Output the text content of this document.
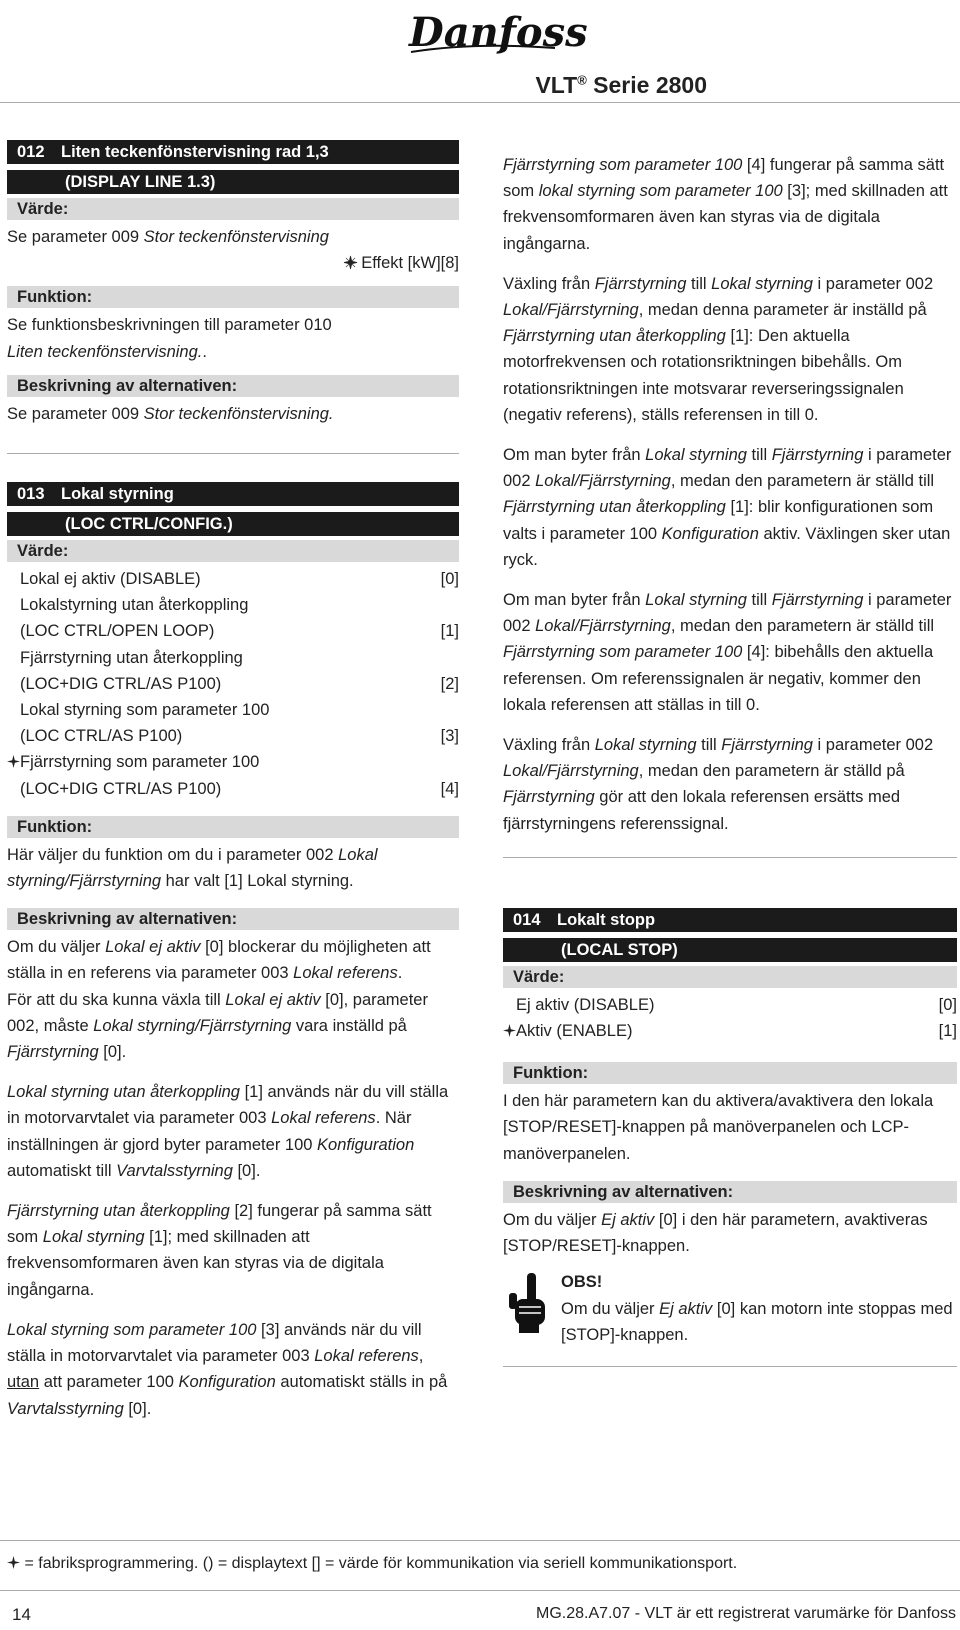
Danfoss
VLT® Serie 2800
012 Liten teckenfönstervisning rad 1,3
(DISPLAY LINE 1.3)
Värde:

Se parameter 009 Stor teckenfönstervisning

Effekt [kW][8]

Funktion:

Se funktionsbeskrivningen till parameter 010
Liten teckenfönstervisning..

Beskrivning av alternativen:

Se parameter 009 Stor teckenfönstervisning.

013 Lokal styrning
(LOC CTRL/CONFIG.)
Värde:
Lokal ej aktiv (DISABLE)	[0]
Lokalstyrning utan återkoppling
(LOC CTRL/OPEN LOOP)	[1]
Fjärrstyrning utan återkoppling
(LOC+DIG CTRL/AS P100)	[2]
Lokal styrning som parameter 100
(LOC CTRL/AS P100)	[3]
Fjärrstyrning som parameter 100
(LOC+DIG CTRL/AS P100)	[4]
Funktion:

Här väljer du funktion om du i parameter 002 Lokal styrning/Fjärrstyrning har valt [1] Lokal styrning.

Beskrivning av alternativen:

Om du väljer Lokal ej aktiv [0] blockerar du möjligheten att ställa in en referens via parameter 003 Lokal referens.
För att du ska kunna växla till Lokal ej aktiv [0], parameter 002, måste Lokal styrning/Fjärrstyrning vara inställd på Fjärrstyrning [0].

Lokal styrning utan återkoppling [1] används när du vill ställa in motorvarvtalet via parameter 003 Lokal referens. När inställningen är gjord byter parameter 100 Konfiguration automatiskt till Varvtalsstyrning [0].

Fjärrstyrning utan återkoppling [2] fungerar på samma sätt som Lokal styrning [1]; med skillnaden att frekvensomformaren även kan styras via de digitala ingångarna.

Lokal styrning som parameter 100 [3] används när du vill ställa in motorvarvtalet via parameter 003 Lokal referens, utan att parameter 100 Konfiguration automatiskt ställs in på Varvtalsstyrning [0].

Fjärrstyrning som parameter 100 [4] fungerar på samma sätt som lokal styrning som parameter 100 [3]; med skillnaden att frekvensomformaren även kan styras via de digitala ingångarna.

Växling från Fjärrstyrning till Lokal styrning i parameter 002 Lokal/Fjärrstyrning, medan denna parameter är inställd på Fjärrstyrning utan återkoppling [1]: Den aktuella motorfrekvensen och rotationsriktningen bibehålls. Om rotationsriktningen inte motsvarar reverseringssignalen (negativ referens), ställs referensen in till 0.

Om man byter från Lokal styrning till Fjärrstyrning i parameter 002 Lokal/Fjärrstyrning, medan den parametern är ställd till Fjärrstyrning utan återkoppling [1]: blir konfigurationen som valts i parameter 100 Konfiguration aktiv. Växlingen sker utan ryck.

Om man byter från Lokal styrning till Fjärrstyrning i parameter 002 Lokal/Fjärrstyrning, medan den parametern är ställd till Fjärrstyrning som parameter 100 [4]: bibehålls den aktuella referensen. Om referenssignalen är negativ, kommer den lokala referensen att ställas in till 0.

Växling från Lokal styrning till Fjärrstyrning i parameter 002 Lokal/Fjärrstyrning, medan den parametern är ställd på Fjärrstyrning gör att den lokala referensen ersätts med fjärrstyrningens referenssignal.

014 Lokalt stopp
(LOCAL STOP)
Värde:
Ej aktiv (DISABLE)	[0]
Aktiv (ENABLE)	[1]
Funktion:

I den här parametern kan du aktivera/avaktivera den lokala [STOP/RESET]-knappen på manöverpanelen och LCP-manöverpanelen.

Beskrivning av alternativen:

Om du väljer Ej aktiv [0] i den här parametern, avaktiveras [STOP/RESET]-knappen.

OBS!

Om du väljer Ej aktiv [0] kan motorn inte stoppas med [STOP]-knappen.

= fabriksprogrammering. () = displaytext [] = värde för kommunikation via seriell kommunikationsport.
14	MG.28.A7.07 - VLT är ett registrerat varumärke för Danfoss
